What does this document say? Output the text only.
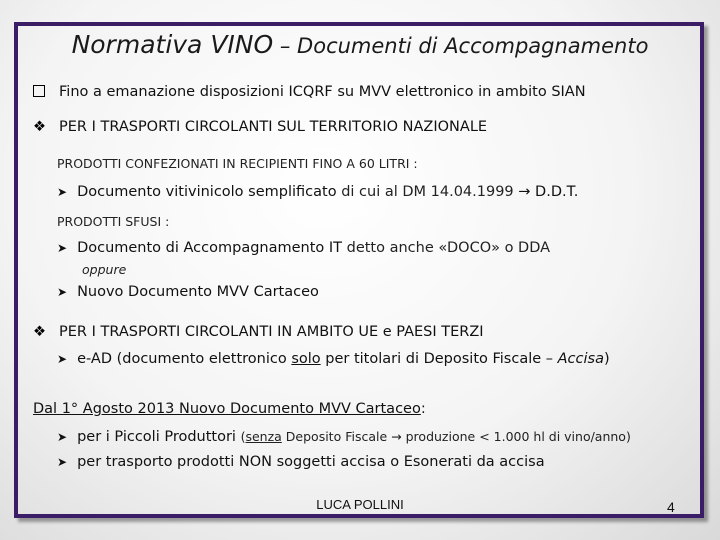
Normativa VINO – Documenti di Accompagnamento
Fino a emanazione disposizioni ICQRF su MVV elettronico in ambito SIAN
❖ PER I TRASPORTI CIRCOLANTI SUL TERRITORIO NAZIONALE
PRODOTTI CONFEZIONATI IN RECIPIENTI FINO A 60 LITRI :
➤ Documento vitivinicolo semplificato di cui al DM 14.04.1999 → D.D.T.
PRODOTTI SFUSI :
➤ Documento di Accompagnamento IT detto anche «DOCO» o DDA
oppure
➤ Nuovo Documento MVV Cartaceo
❖ PER I TRASPORTI CIRCOLANTI IN AMBITO UE e PAESI TERZI
➤ e-AD (documento elettronico solo per titolari di Deposito Fiscale – Accisa)
Dal 1° Agosto 2013 Nuovo Documento MVV Cartaceo:
➤ per i Piccoli Produttori (senza Deposito Fiscale → produzione < 1.000 hl di vino/anno)
➤ per trasporto prodotti NON soggetti accisa o Esonerati da accisa
LUCA POLLINI	4
